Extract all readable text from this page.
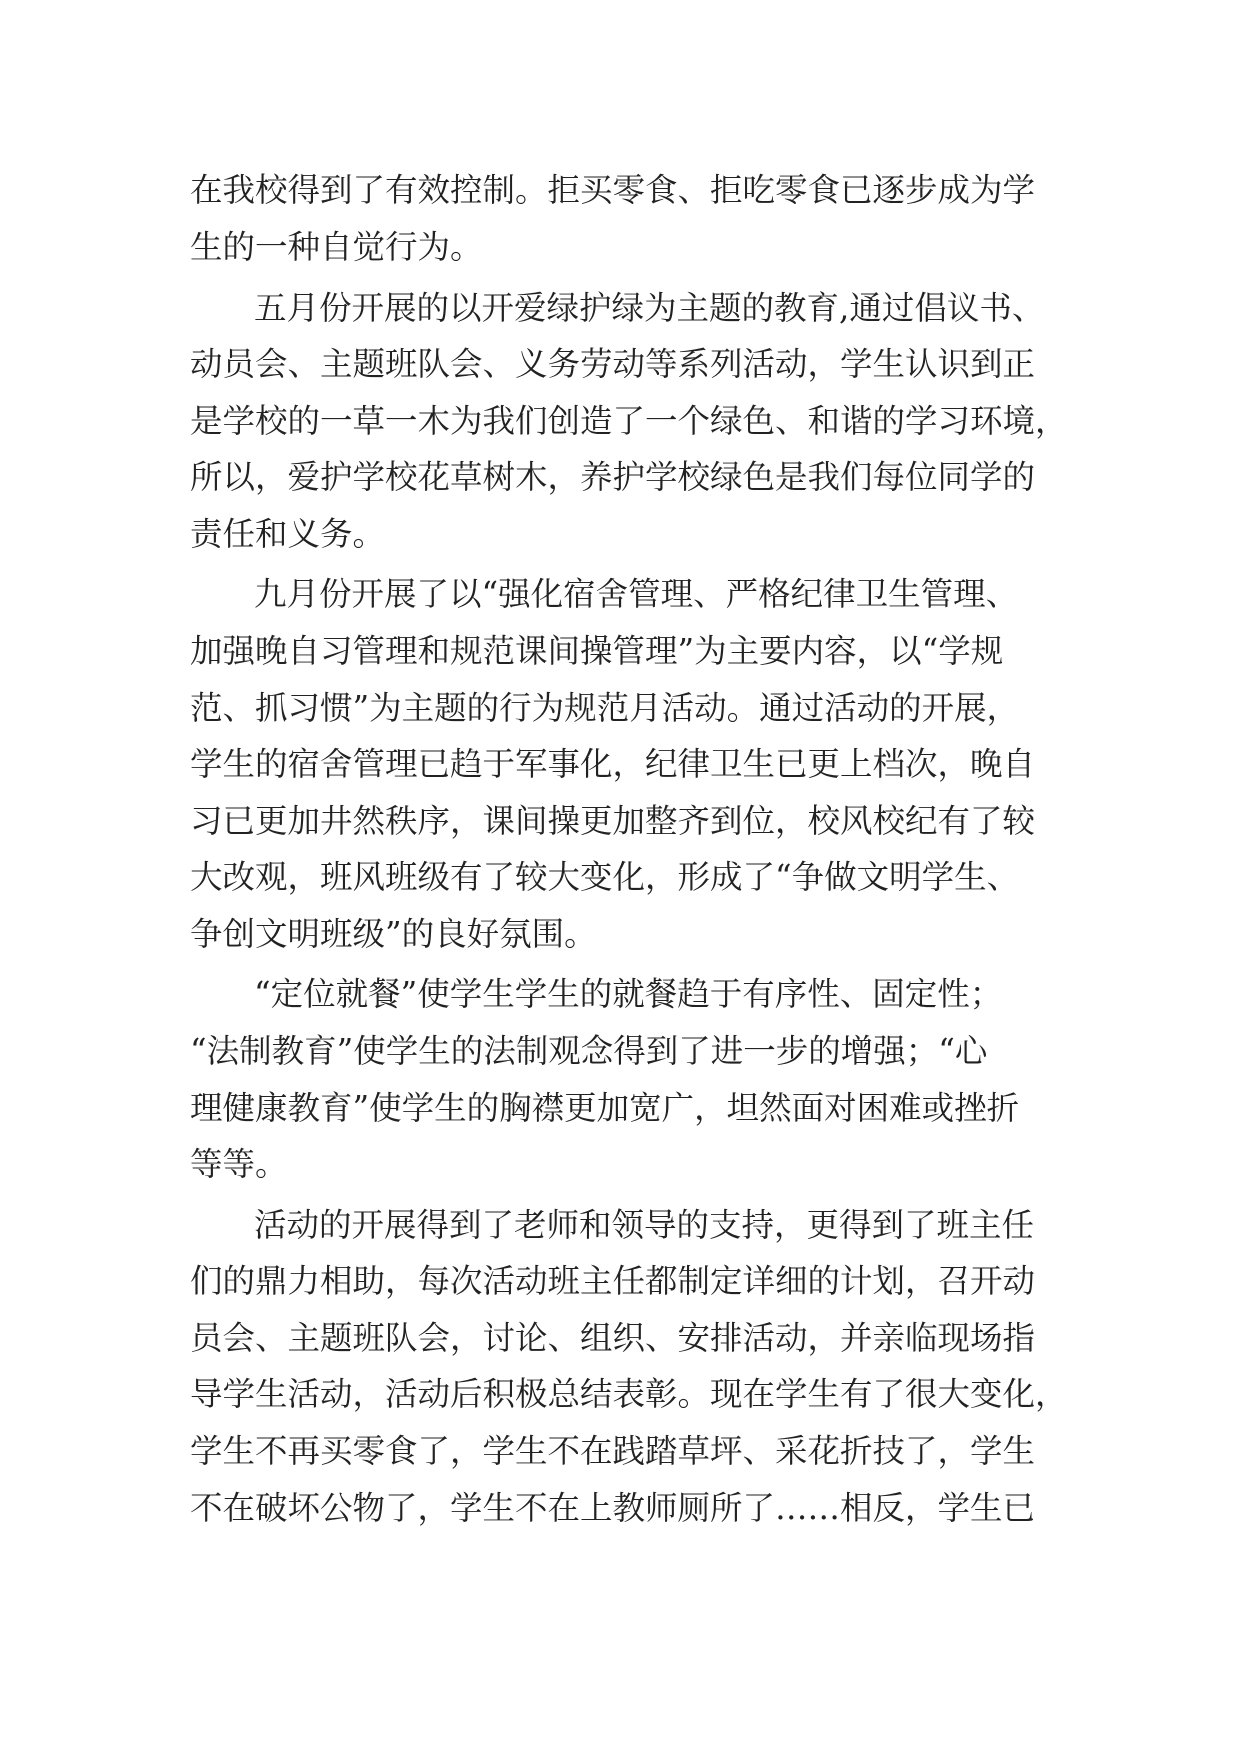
在我校得到了有效控制。拒买零食、拒吃零食已逐步成为学
生的一种自觉行为。
五月份开展的以开爱绿护绿为主题的教育,通过倡议书、
动员会、主题班队会、义务劳动等系列活动，学生认识到正
是学校的一草一木为我们创造了一个绿色、和谐的学习环境，
所以，爱护学校花草树木，养护学校绿色是我们每位同学的
责任和义务。
九月份开展了以“强化宿舍管理、严格纪律卫生管理、
加强晚自习管理和规范课间操管理”为主要内容，以“学规
范、抓习惯”为主题的行为规范月活动。通过活动的开展，
学生的宿舍管理已趋于军事化，纪律卫生已更上档次，晚自
习已更加井然秩序，课间操更加整齐到位，校风校纪有了较
大改观，班风班级有了较大变化，形成了“争做文明学生、
争创文明班级”的良好氛围。
“定位就餐”使学生学生的就餐趋于有序性、固定性；
“法制教育”使学生的法制观念得到了进一步的增强；“心
理健康教育”使学生的胸襟更加宽广，坦然面对困难或挫折
等等。
活动的开展得到了老师和领导的支持，更得到了班主任
们的鼎力相助，每次活动班主任都制定详细的计划，召开动
员会、主题班队会，讨论、组织、安排活动，并亲临现场指
导学生活动，活动后积极总结表彰。现在学生有了很大变化，
学生不再买零食了，学生不在践踏草坪、采花折技了，学生
不在破坏公物了，学生不在上教师厕所了……相反，学生已
